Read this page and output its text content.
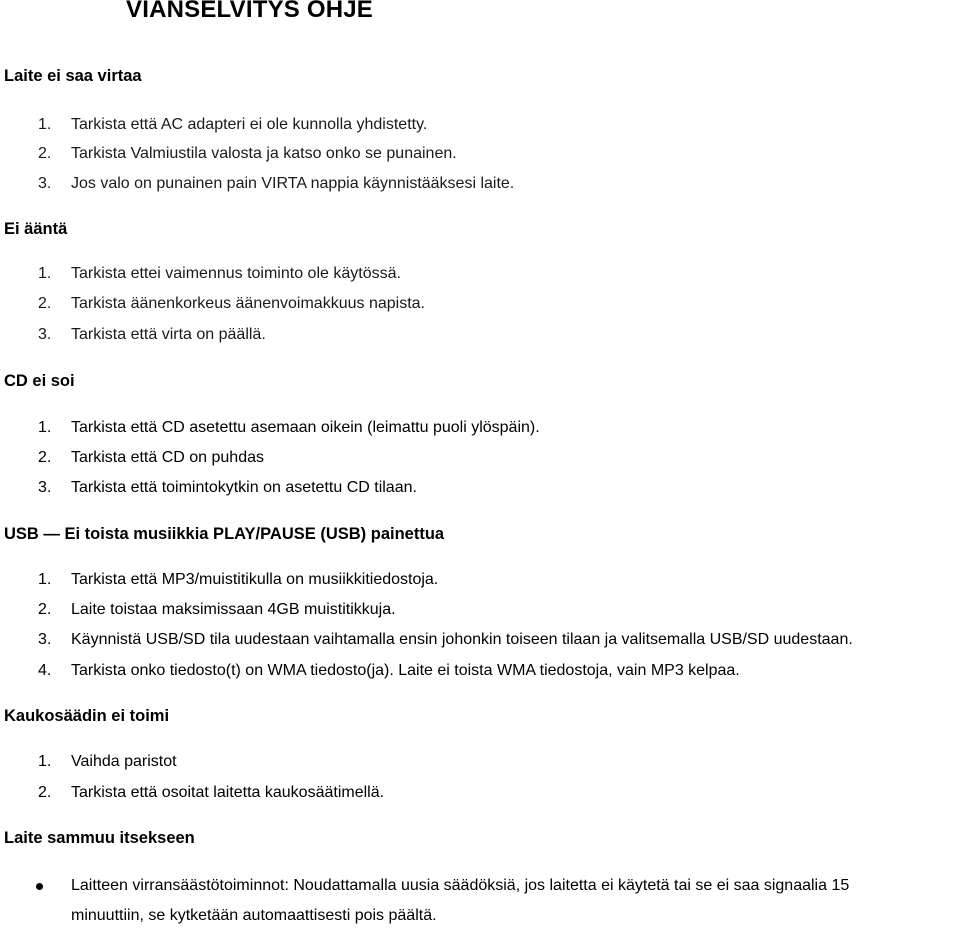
VIANSELVITYS OHJE
Laite ei saa virtaa
1. Tarkista että AC adapteri ei ole kunnolla yhdistetty.
2. Tarkista Valmiustila valosta ja katso onko se punainen.
3. Jos valo on punainen pain VIRTA nappia käynnistääksesi laite.
Ei ääntä
1. Tarkista ettei vaimennus toiminto ole käytössä.
2. Tarkista äänenkorkeus äänenvoimakkuus napista.
3. Tarkista että virta on päällä.
CD ei soi
1. Tarkista että CD asetettu asemaan oikein (leimattu puoli ylöspäin).
2. Tarkista että CD on puhdas
3. Tarkista että toimintokytkin on asetettu CD tilaan.
USB — Ei toista musiikkia PLAY/PAUSE (USB) painettua
1. Tarkista että MP3/muistitikulla on musiikkitiedostoja.
2. Laite toistaa maksimissaan 4GB muistitikkuja.
3. Käynnistä USB/SD tila uudestaan vaihtamalla ensin johonkin toiseen tilaan ja valitsemalla USB/SD uudestaan.
4. Tarkista onko tiedosto(t) on WMA tiedosto(ja). Laite ei toista WMA tiedostoja, vain MP3 kelpaa.
Kaukosäädin ei toimi
1. Vaihda paristot
2. Tarkista että osoitat laitetta kaukosäätimellä.
Laite sammuu itsekseen
Laitteen virransäästötoiminnot: Noudattamalla uusia säädöksiä, jos laitetta ei käytetä tai se ei saa signaalia 15
minuuttiin, se kytketään automaattisesti pois päältä.
